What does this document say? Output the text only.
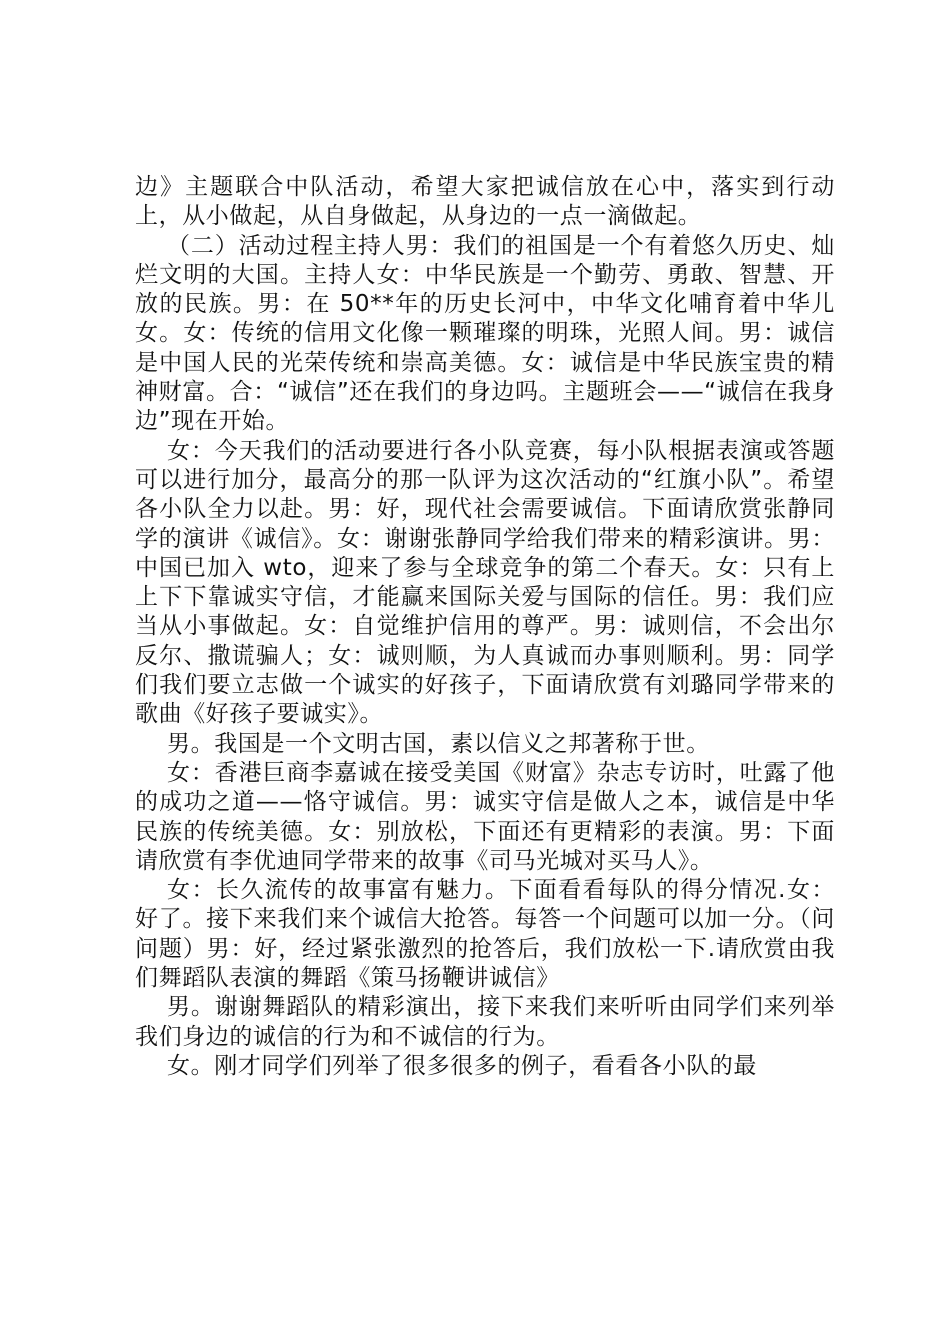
边》主题联合中队活动，希望大家把诚信放在心中，落实到行动上，从小做起，从自身做起，从身边的一点一滴做起。

（二）活动过程主持人男：我们的祖国是一个有着悠久历史、灿烂文明的大国。主持人女：中华民族是一个勤劳、勇敢、智慧、开放的民族。男：在 50**年的历史长河中，中华文化哺育着中华儿女。女：传统的信用文化像一颗璀璨的明珠，光照人间。男：诚信是中国人民的光荣传统和崇高美德。女：诚信是中华民族宝贵的精神财富。合：“诚信”还在我们的身边吗。主题班会——“诚信在我身边”现在开始。

女：今天我们的活动要进行各小队竞赛，每小队根据表演或答题可以进行加分，最高分的那一队评为这次活动的“红旗小队”。希望各小队全力以赴。男：好，现代社会需要诚信。下面请欣赏张静同学的演讲《诚信》。女：谢谢张静同学给我们带来的精彩演讲。男：中国已加入 wto，迎来了参与全球竞争的第二个春天。女：只有上上下下靠诚实守信，才能赢来国际关爱与国际的信任。男：我们应当从小事做起。女：自觉维护信用的尊严。男：诚则信，不会出尔反尔、撒谎骗人；女：诚则顺，为人真诚而办事则顺利。男：同学们我们要立志做一个诚实的好孩子，下面请欣赏有刘璐同学带来的歌曲《好孩子要诚实》。

男。我国是一个文明古国，素以信义之邦著称于世。

女：香港巨商李嘉诚在接受美国《财富》杂志专访时，吐露了他的成功之道——恪守诚信。男：诚实守信是做人之本，诚信是中华民族的传统美德。女：别放松，下面还有更精彩的表演。男：下面请欣赏有李优迪同学带来的故事《司马光城对买马人》。

女：长久流传的故事富有魅力。下面看看每队的得分情况.女：好了。接下来我们来个诚信大抢答。每答一个问题可以加一分。（问问题）男：好，经过紧张激烈的抢答后，我们放松一下.请欣赏由我们舞蹈队表演的舞蹈《策马扬鞭讲诚信》

男。谢谢舞蹈队的精彩演出，接下来我们来听听由同学们来列举我们身边的诚信的行为和不诚信的行为。

女。刚才同学们列举了很多很多的例子，看看各小队的最
